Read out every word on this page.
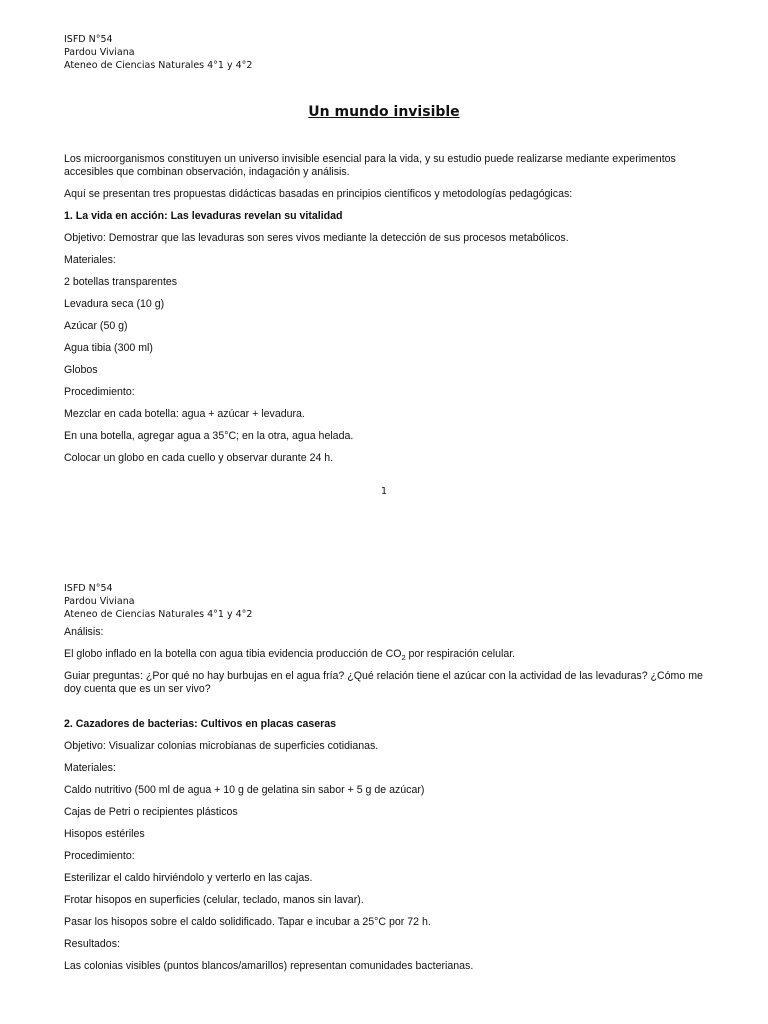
ISFD N°54
Pardou Viviana
Ateneo de Ciencias Naturales 4°1 y 4°2
Un mundo invisible

Los microorganismos constituyen un universo invisible esencial para la vida, y su estudio puede realizarse mediante experimentos accesibles que combinan observación, indagación y análisis.

Aquí se presentan tres propuestas didácticas basadas en principios científicos y metodologías pedagógicas:

1. La vida en acción: Las levaduras revelan su vitalidad

Objetivo: Demostrar que las levaduras son seres vivos mediante la detección de sus procesos metabólicos.

Materiales:

2 botellas transparentes

Levadura seca (10 g)

Azúcar (50 g)

Agua tibia (300 ml)

Globos

Procedimiento:

Mezclar en cada botella: agua + azúcar + levadura.

En una botella, agregar agua a 35°C; en la otra, agua helada.

Colocar un globo en cada cuello y observar durante 24 h.

1
ISFD N°54
Pardou Viviana
Ateneo de Ciencias Naturales 4°1 y 4°2

Análisis:

El globo inflado en la botella con agua tibia evidencia producción de $CO_2$ por respiración celular.

Guiar preguntas: ¿Por qué no hay burbujas en el agua fría? ¿Qué relación tiene el azúcar con la actividad de las levaduras? ¿Cómo me doy cuenta que es un ser vivo?

2. Cazadores de bacterias: Cultivos en placas caseras

Objetivo: Visualizar colonias microbianas de superficies cotidianas.

Materiales:

Caldo nutritivo (500 ml de agua + 10 g de gelatina sin sabor + 5 g de azúcar)

Cajas de Petri o recipientes plásticos

Hisopos estériles

Procedimiento:

Esterilizar el caldo hirviéndolo y verterlo en las cajas.

Frotar hisopos en superficies (celular, teclado, manos sin lavar).

Pasar los hisopos sobre el caldo solidificado. Tapar e incubar a 25°C por 72 h.

Resultados:

Las colonias visibles (puntos blancos/amarillos) representan comunidades bacterianas.
